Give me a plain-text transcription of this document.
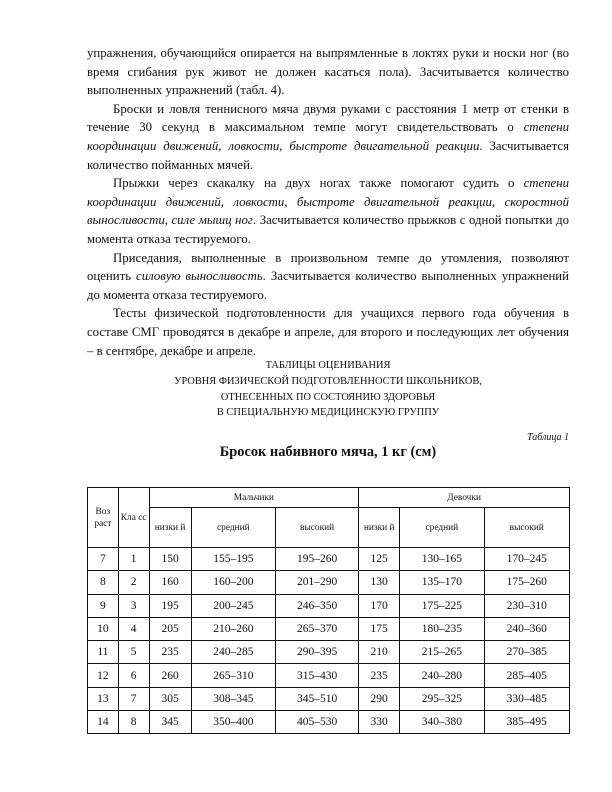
упражнения, обучающийся опирается на выпрямленные в локтях руки и носки ног (во время сгибания рук живот не должен касаться пола). Засчитывается количество выполненных упражнений (табл. 4).

Броски и ловля теннисного мяча двумя руками с расстояния 1 метр от стенки в течение 30 секунд в максимальном темпе могут свидетельствовать о степени координации движений, ловкости, быстроте двигательной реакции. Засчитывается количество пойманных мячей.

Прыжки через скакалку на двух ногах также помогают судить о степени координации движений, ловкости, быстроте двигательной реакции, скоростной выносливости, силе мышц ног. Засчитывается количество прыжков с одной попытки до момента отказа тестируемого.

Приседания, выполненные в произвольном темпе до утомления, позволяют оценить силовую выносливость. Засчитывается количество выполненных упражнений до момента отказа тестируемого.

Тесты физической подготовленности для учащихся первого года обучения в составе СМГ проводятся в декабре и апреле, для второго и последующих лет обучения – в сентябре, декабре и апреле.

ТАБЛИЦЫ ОЦЕНИВАНИЯ
УРОВНЯ ФИЗИЧЕСКОЙ ПОДГОТОВЛЕННОСТИ ШКОЛЬНИКОВ,
ОТНЕСЕННЫХ ПО СОСТОЯНИЮ ЗДОРОВЬЯ
В СПЕЦИАЛЬНУЮ МЕДИЦИНСКУЮ ГРУППУ
Таблица 1
Бросок набивного мяча, 1 кг (см)
Воз раст	Кла сс	Мальчики			Девочки		
		низки й	средний	высокий	низки й	средний	высокий
7	1	150	155–195	195–260	125	130–165	170–245
8	2	160	160–200	201–290	130	135–170	175–260
9	3	195	200–245	246–350	170	175–225	230–310
10	4	205	210–260	265–370	175	180–235	240–360
11	5	235	240–285	290–395	210	215–265	270–385
12	6	260	265–310	315–430	235	240–280	285–405
13	7	305	308–345	345–510	290	295–325	330–485
14	8	345	350–400	405–530	330	340–380	385–495
